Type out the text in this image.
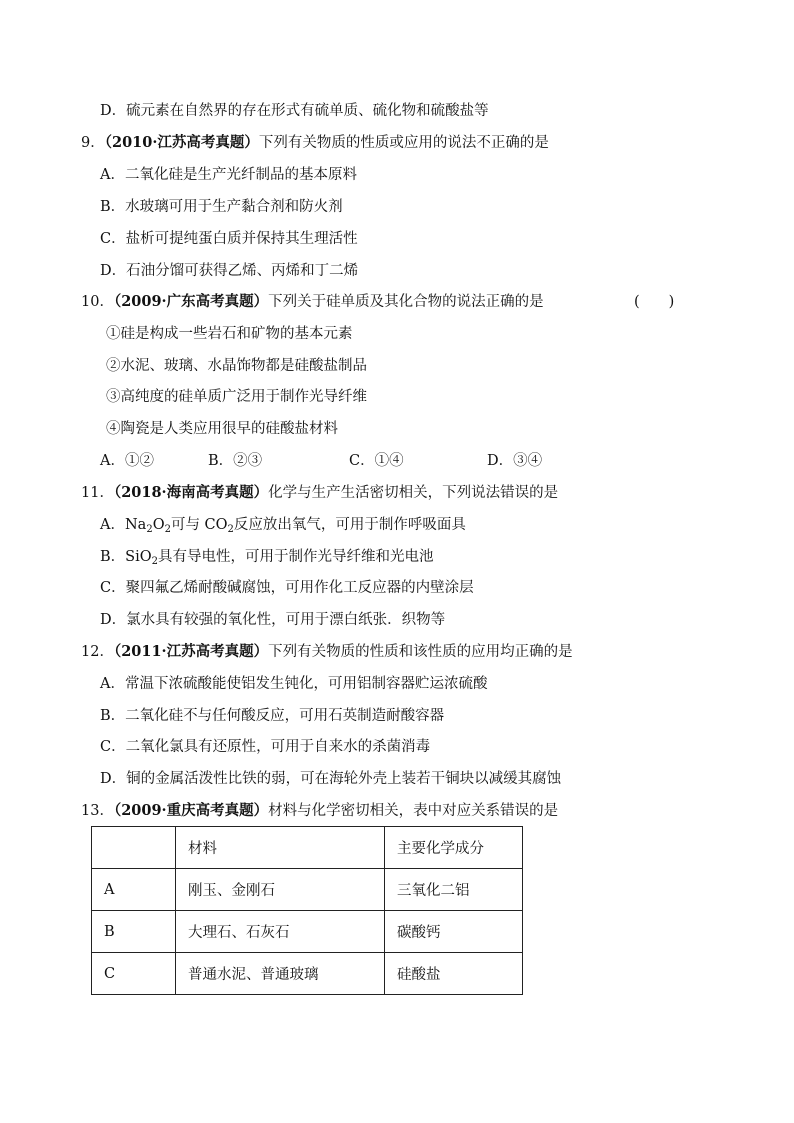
D．硫元素在自然界的存在形式有硫单质、硫化物和硫酸盐等
9．（2010·江苏高考真题）下列有关物质的性质或应用的说法不正确的是
A．二氧化硅是生产光纤制品的基本原料
B．水玻璃可用于生产黏合剂和防火剂
C．盐析可提纯蛋白质并保持其生理活性
D．石油分馏可获得乙烯、丙烯和丁二烯
10．（2009·广东高考真题）下列关于硅单质及其化合物的说法正确的是	(　　)
①硅是构成一些岩石和矿物的基本元素
②水泥、玻璃、水晶饰物都是硅酸盐制品
③高纯度的硅单质广泛用于制作光导纤维
④陶瓷是人类应用很早的硅酸盐材料
A．①②	B．②③	C．①④	D．③④
11．（2018·海南高考真题）化学与生产生活密切相关，下列说法错误的是
A．$Na_2O_2$可与 $CO_2$反应放出氧气，可用于制作呼吸面具
B．SiO$_2$具有导电性，可用于制作光导纤维和光电池
C．聚四氟乙烯耐酸碱腐蚀，可用作化工反应器的内壁涂层
D．氯水具有较强的氧化性，可用于漂白纸张．织物等
12．（2011·江苏高考真题）下列有关物质的性质和该性质的应用均正确的是
A．常温下浓硫酸能使铝发生钝化，可用铝制容器贮运浓硫酸
B．二氧化硅不与任何酸反应，可用石英制造耐酸容器
C．二氧化氯具有还原性，可用于自来水的杀菌消毒
D．铜的金属活泼性比铁的弱，可在海轮外壳上装若干铜块以减缓其腐蚀
13．（2009·重庆高考真题）材料与化学密切相关，表中对应关系错误的是
	材料	主要化学成分
A	刚玉、金刚石	三氧化二铝
B	大理石、石灰石	碳酸钙
C	普通水泥、普通玻璃	硅酸盐
